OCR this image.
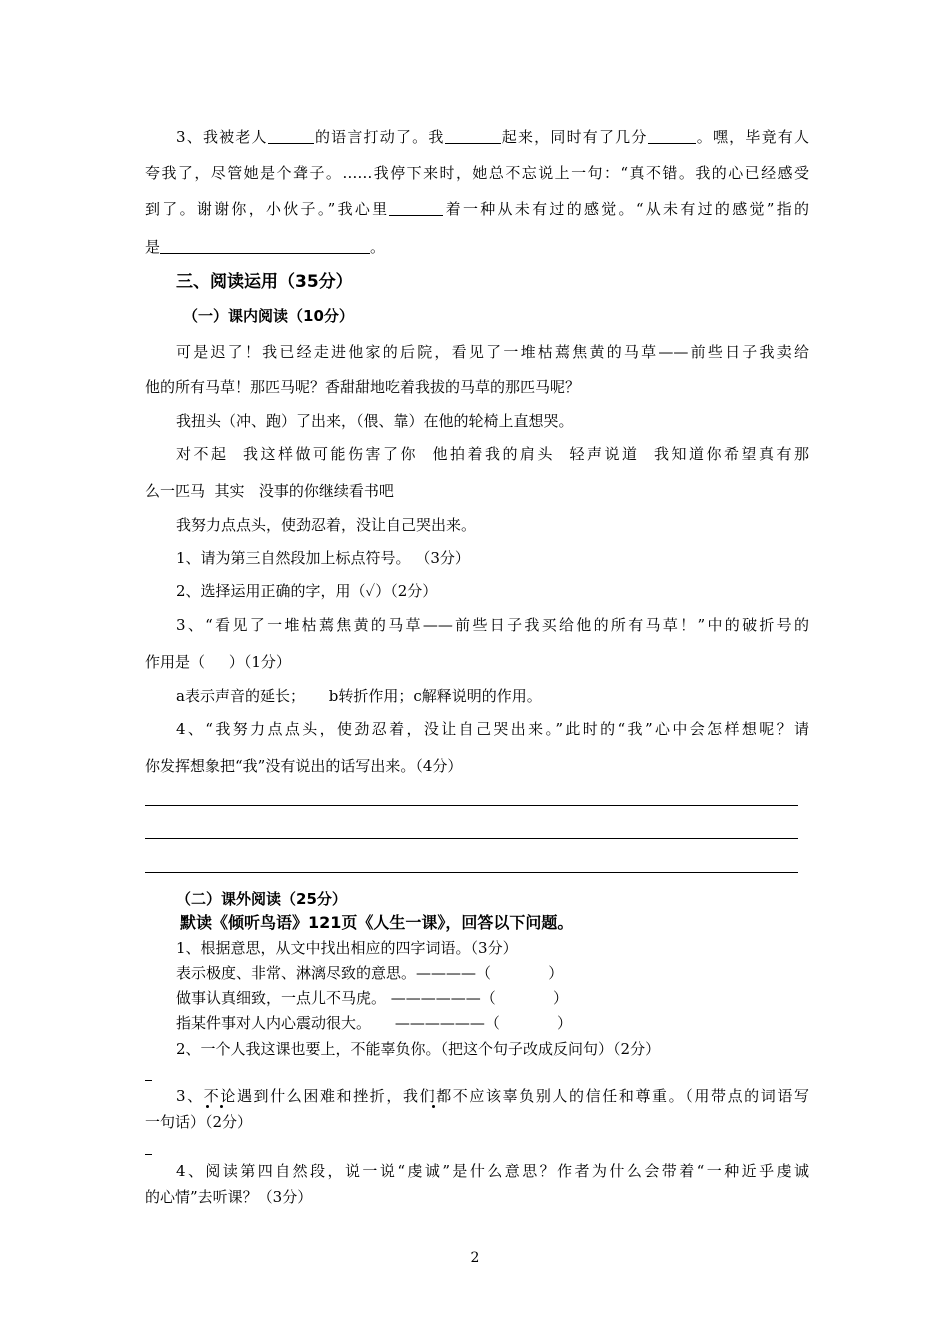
3、我被老人	的语言打动了。我	起来，同时有了几分	。嘿，毕竟有人
夸我了，尽管她是个聋子。……我停下来时，她总不忘说上一句：“真不错。我的心已经感受
到了。谢谢你，小伙子。”我心里	着一种从未有过的感觉。“从未有过的感觉”指的
是	。
三、阅读运用（35分）
（一）课内阅读（10分）
可是迟了！我已经走进他家的后院，看见了一堆枯蔫焦黄的马草——前些日子我卖给
他的所有马草！那匹马呢？香甜甜地吃着我拔的马草的那匹马呢？
我扭头（冲、跑）了出来，（偎、靠）在他的轮椅上直想哭。
对不起  我这样做可能伤害了你  他拍着我的肩头  轻声说道  我知道你希望真有那
么一匹马  其实   没事的你继续看书吧
我努力点点头，使劲忍着，没让自己哭出来。
1、请为第三自然段加上标点符号。 （3分）
2、选择运用正确的字，用（✓）（2分）
3、“看见了一堆枯蔫焦黄的马草——前些日子我买给他的所有马草！”中的破折号的
作用是（     ）（1分）
a表示声音的延长；     b转折作用；c解释说明的作用。
4、“我努力点点头，使劲忍着，没让自己哭出来。”此时的“我”心中会怎样想呢？请
你发挥想象把“我”没有说出的话写出来。（4分）
（二）课外阅读（25分）
默读《倾听鸟语》121页《人生一课》，回答以下问题。
1、根据意思，从文中找出相应的四字词语。（3分）
表示极度、非常、淋漓尽致的意思。————（            ）
做事认真细致，一点儿不马虎。 ——————（            ）
指某件事对人内心震动很大。     ——————（            ）
2、一个人我这课也要上，不能辜负你。（把这个句子改成反问句）（2分）
3、不论遇到什么困难和挫折，我们都不应该辜负别人的信任和尊重。（用带点的词语写
一句话）（2分）
4、阅读第四自然段，说一说“虔诚”是什么意思？作者为什么会带着“一种近乎虔诚
的心情”去听课？（3分）
2
